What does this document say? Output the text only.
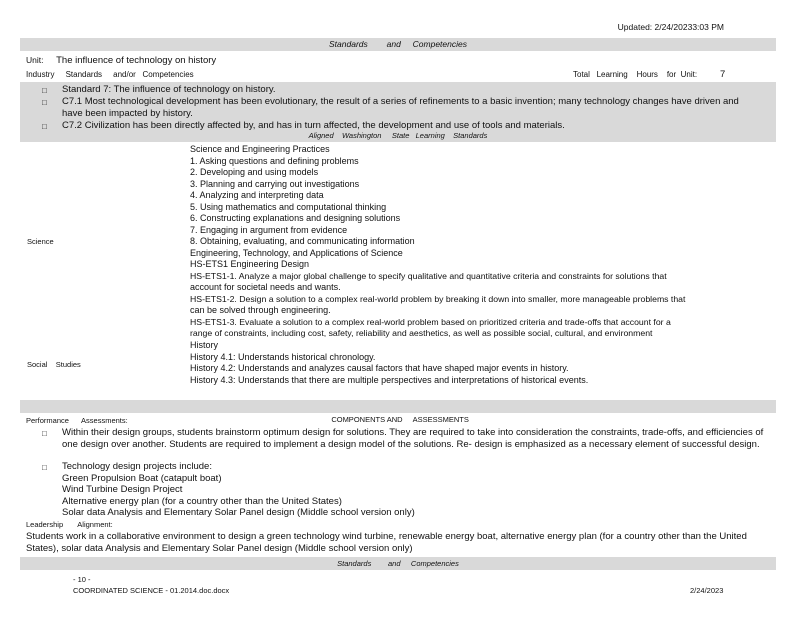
Updated: 2/24/20233:03 PM
Standards        and     Competencies
Unit: The influence of technology on history
Industry     Standards     and/or   Competencies	Total   Learning    Hours    for  Unit: 7
□ Standard 7: The influence of technology on history.
□ C7.1 Most technological development has been evolutionary, the result of a series of refinements to a basic invention; many technology changes have driven and have been impacted by history.
□ C7.2 Civilization has been directly affected by, and has in turn affected, the development and use of tools and materials.
Aligned    Washington     State   Learning    Standards
Science
Science and Engineering Practices
1. Asking questions and defining problems
2. Developing and using models
3. Planning and carrying out investigations
4. Analyzing and interpreting data
5. Using mathematics and computational thinking
6. Constructing explanations and designing solutions
7. Engaging in argument from evidence
8. Obtaining, evaluating, and communicating information
Engineering, Technology, and Applications of Science
HS-ETS1 Engineering Design
HS-ETS1-1. Analyze a major global challenge to specify qualitative and quantitative criteria and constraints for solutions that
account for societal needs and wants.
HS-ETS1-2. Design a solution to a complex real-world problem by breaking it down into smaller, more manageable problems that
can be solved through engineering.
HS-ETS1-3. Evaluate a solution to a complex real-world problem based on prioritized criteria and trade-offs that account for a
range of constraints, including cost, safety, reliability and aesthetics, as well as possible social, cultural, and environment
Social    Studies
History
History 4.1: Understands historical chronology.
History 4.2: Understands and analyzes causal factors that have shaped major events in history.
History 4.3: Understands that there are multiple perspectives and interpretations of historical events.

COMPONENTS AND     ASSESSMENTS

Performance      Assessments:
□ Within their design groups, students brainstorm optimum design for solutions. They are required to take into consideration the constraints, trade-offs, and efficiencies of one design over another. Students are required to implement a design model of the solutions. Re- design is emphasized as a necessary element of successful design.
□ Technology design projects include:
Green Propulsion Boat (catapult boat)
Wind Turbine Design Project
Alternative energy plan (for a country other than the United States)
Solar data Analysis and Elementary Solar Panel design (Middle school version only)
Leadership       Alignment:
Students work in a collaborative environment to design a green technology wind turbine, renewable energy boat, alternative energy plan (for a country other than the United States), solar data Analysis and Elementary Solar Panel design (Middle school version only)
Standards        and     Competencies
- 10 -
COORDINATED SCIENCE - 01.2014.doc.docx	2/24/2023
